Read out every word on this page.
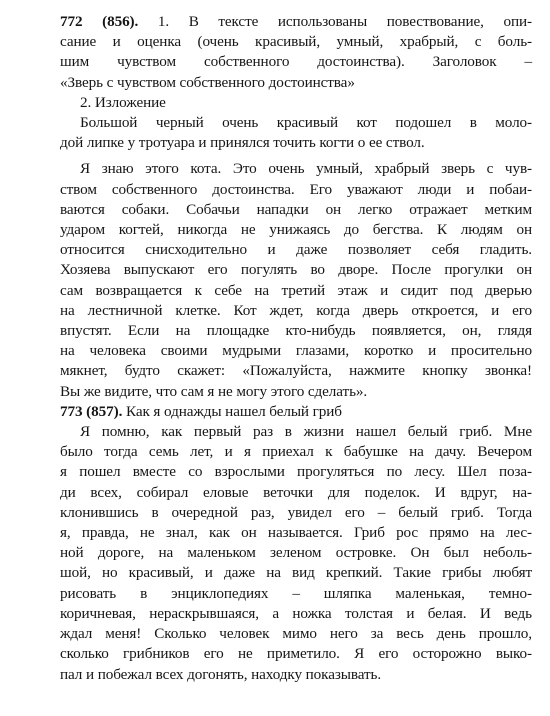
772 (856). 1. В тексте использованы повествование, опи-
сание и оценка (очень красивый, умный, храбрый, с боль-
шим чувством собственного достоинства). Заголовок –
«Зверь с чувством собственного достоинства»
2. Изложение
Большой черный очень красивый кот подошел в моло-
дой липке у тротуара и принялся точить когти о ее ствол.
Я знаю этого кота. Это очень умный, храбрый зверь с чув-
ством собственного достоинства. Его уважают люди и побаи-
ваются собаки. Собачьи нападки он легко отражает метким
ударом когтей, никогда не унижаясь до бегства. К людям он
относится снисходительно и даже позволяет себя гладить.
Хозяева выпускают его погулять во дворе. После прогулки он
сам возвращается к себе на третий этаж и сидит под дверью
на лестничной клетке. Кот ждет, когда дверь откроется, и его
впустят. Если на площадке кто-нибудь появляется, он, глядя
на человека своими мудрыми глазами, коротко и просительно
мякнет, будто скажет: «Пожалуйста, нажмите кнопку звонка!
Вы же видите, что сам я не могу этого сделать».
773 (857). Как я однажды нашел белый гриб
Я помню, как первый раз в жизни нашел белый гриб. Мне
было тогда семь лет, и я приехал к бабушке на дачу. Вечером
я пошел вместе со взрослыми прогуляться по лесу. Шел поза-
ди всех, собирал еловые веточки для поделок. И вдруг, на-
клонившись в очередной раз, увидел его – белый гриб. Тогда
я, правда, не знал, как он называется. Гриб рос прямо на лес-
ной дороге, на маленьком зеленом островке. Он был неболь-
шой, но красивый, и даже на вид крепкий. Такие грибы любят
рисовать в энциклопедиях – шляпка маленькая, темно-
коричневая, нераскрывшаяся, а ножка толстая и белая. И ведь
ждал меня! Сколько человек мимо него за весь день прошло,
сколько грибников его не приметило. Я его осторожно выко-
пал и побежал всех догонять, находку показывать.
